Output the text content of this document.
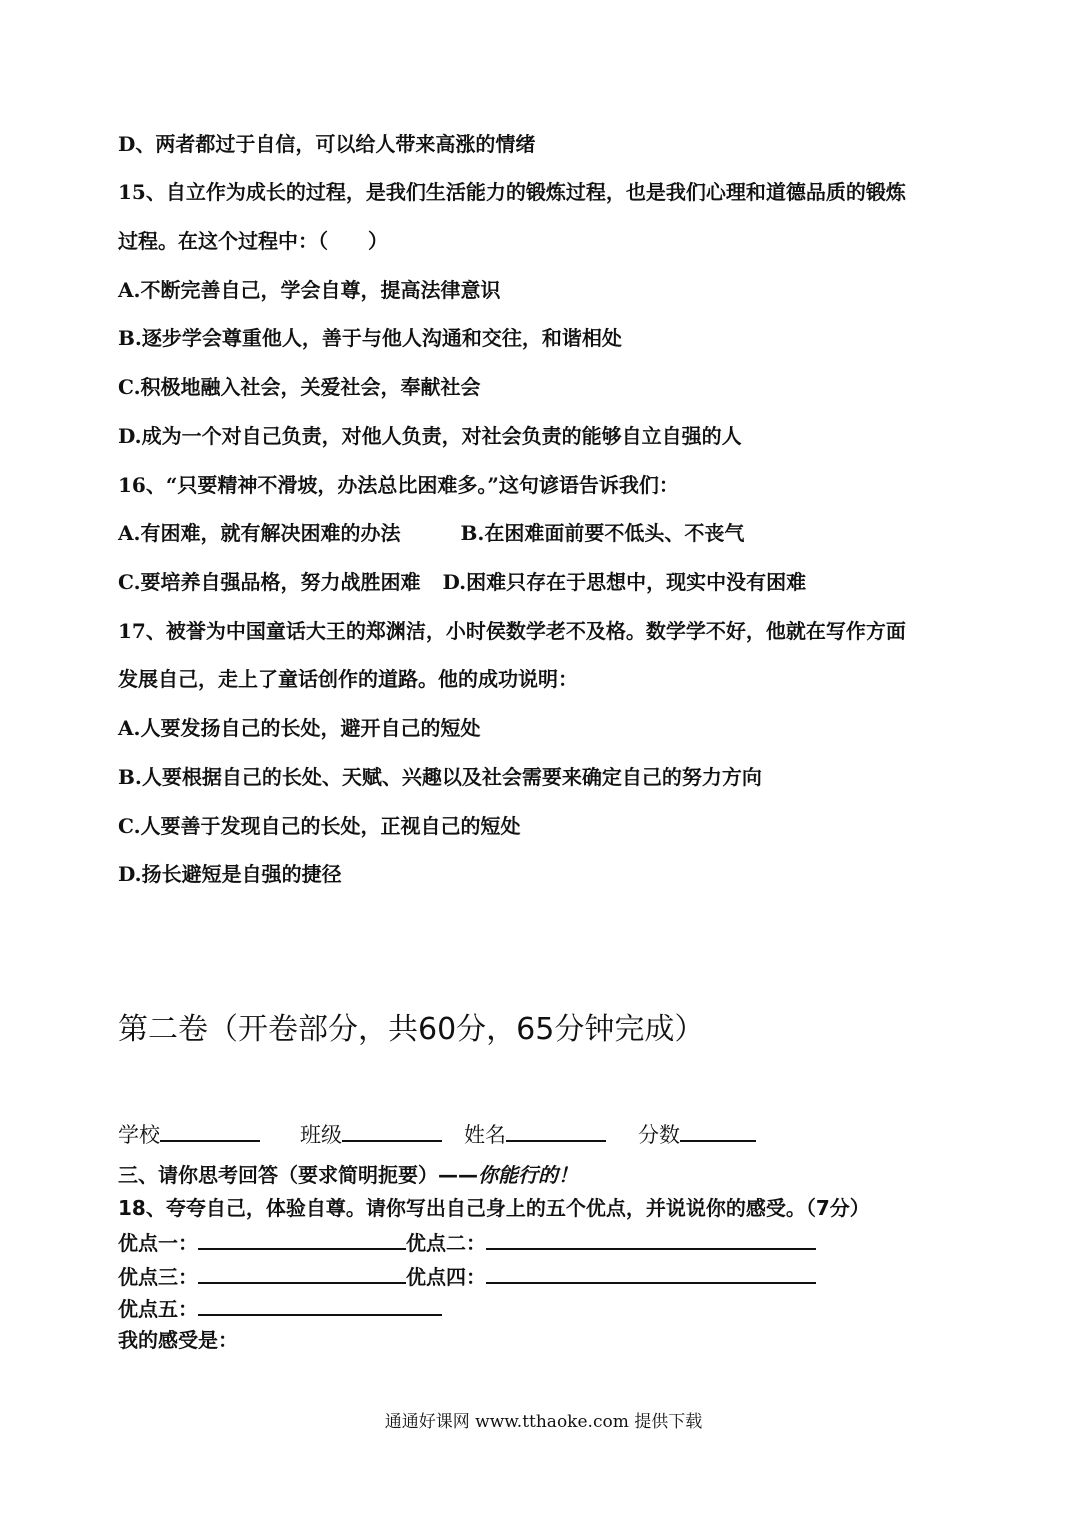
D、两者都过于自信，可以给人带来高涨的情绪
15、自立作为成长的过程，是我们生活能力的锻炼过程，也是我们心理和道德品质的锻炼
过程。在这个过程中：（　　）
A.不断完善自己，学会自尊，提高法律意识
B.逐步学会尊重他人，善于与他人沟通和交往，和谐相处
C.积极地融入社会，关爱社会，奉献社会
D.成为一个对自己负责，对他人负责，对社会负责的能够自立自强的人
16、“只要精神不滑坡，办法总比困难多。”这句谚语告诉我们：
A.有困难，就有解决困难的办法	B.在困难面前要不低头、不丧气
C.要培养自强品格，努力战胜困难 D.困难只存在于思想中，现实中没有困难
17、被誉为中国童话大王的郑渊洁，小时侯数学老不及格。数学学不好，他就在写作方面
发展自己，走上了童话创作的道路。他的成功说明：
A.人要发扬自己的长处，避开自己的短处
B.人要根据自己的长处、天赋、兴趣以及社会需要来确定自己的努力方向
C.人要善于发现自己的长处，正视自己的短处
D.扬长避短是自强的捷径
第二卷（开卷部分，共60分，65分钟完成）
学校	班级	姓名	分数
三、请你思考回答（要求简明扼要）——你能行的！
18、夸夸自己，体验自尊。请你写出自己身上的五个优点，并说说你的感受。（7分）
优点一：	优点二：
优点三：	优点四：
优点五：
我的感受是：
通通好课网 www.tthaoke.com 提供下载
